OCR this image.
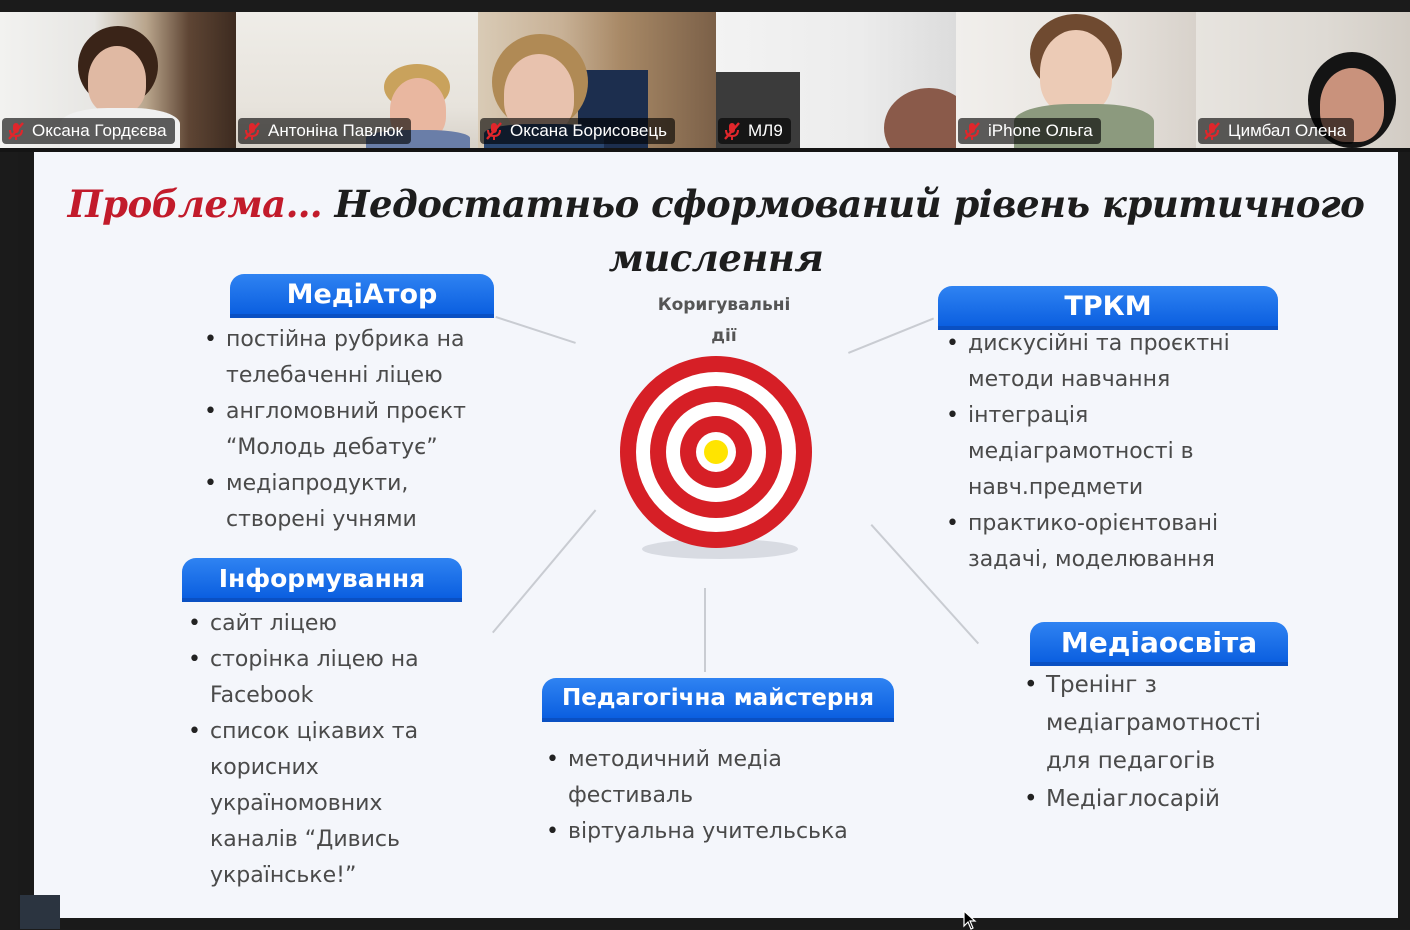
Оксана Гордєєва	Антоніна Павлюк	Оксана Борисовець	МЛ9	iPhone Ольга	Цимбал Олена
Проблема… Недостатньо сформований рівень критичного
мислення
Коригувальні
дії
МедіАтор
• постійна рубрика на
телебаченні ліцею
• англомовний проєкт
“Молодь дебатує”
• медіапродукти,
створені учнями
Інформування
• сайт ліцею
• сторінка ліцею на
Facebook
• список цікавих та
корисних
україномовних
каналів “Дивись
українське!”
ТРКМ
• дискусійні та проєктні
методи навчання
• інтеграція
медіаграмотності в
навч.предмети
• практико-орієнтовані
задачі, моделювання
Педагогічна майстерня
• методичний медіа
фестиваль
• віртуальна учительська
Медіаосвіта
• Тренінг з
медіаграмотності
для педагогів
• Медіаглосарій
